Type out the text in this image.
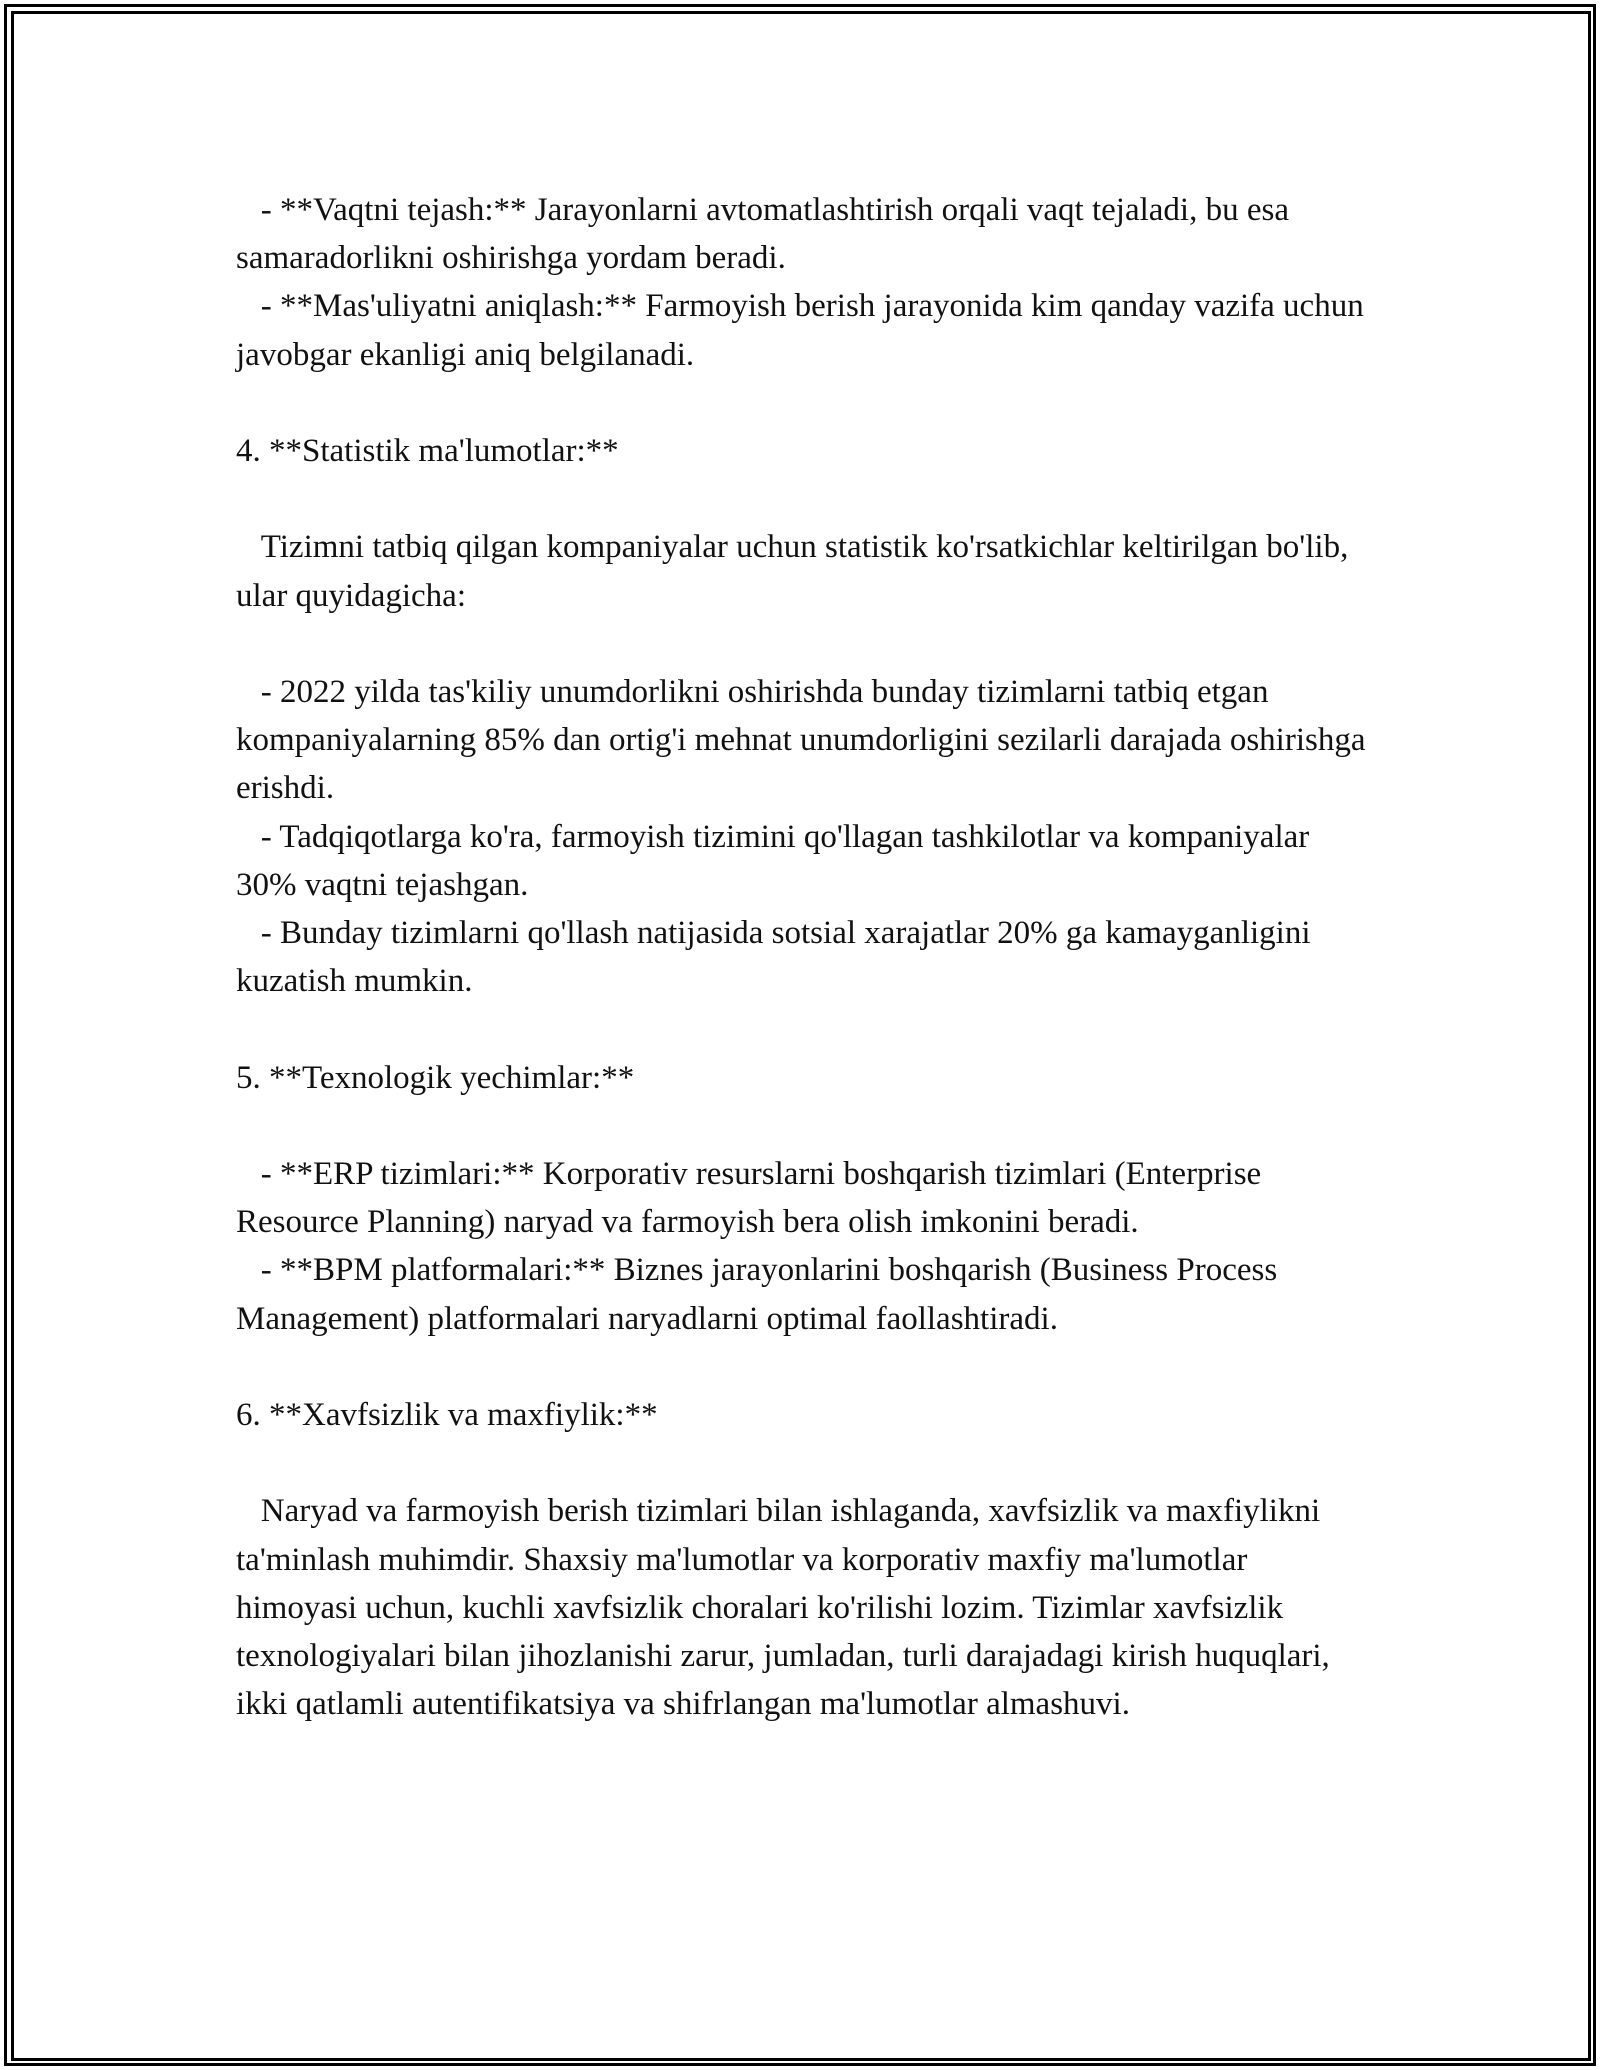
- **Vaqtni tejash:** Jarayonlarni avtomatlashtirish orqali vaqt tejaladi, bu esa samaradorlikni oshirishga yordam beradi.

- **Mas'uliyatni aniqlash:** Farmoyish berish jarayonida kim qanday vazifa uchun javobgar ekanligi aniq belgilanadi.

4. **Statistik ma'lumotlar:**

Tizimni tatbiq qilgan kompaniyalar uchun statistik ko'rsatkichlar keltirilgan bo'lib, ular quyidagicha:

- 2022 yilda tas'kiliy unumdorlikni oshirishda bunday tizimlarni tatbiq etgan kompaniyalarning 85% dan ortig'i mehnat unumdorligini sezilarli darajada oshirishga erishdi.

- Tadqiqotlarga ko'ra, farmoyish tizimini qo'llagan tashkilotlar va kompaniyalar 30% vaqtni tejashgan.

- Bunday tizimlarni qo'llash natijasida sotsial xarajatlar 20% ga kamayganligini kuzatish mumkin.

5. **Texnologik yechimlar:**

- **ERP tizimlari:** Korporativ resurslarni boshqarish tizimlari (Enterprise Resource Planning) naryad va farmoyish bera olish imkonini beradi.

- **BPM platformalari:** Biznes jarayonlarini boshqarish (Business Process Management) platformalari naryadlarni optimal faollashtiradi.

6. **Xavfsizlik va maxfiylik:**

Naryad va farmoyish berish tizimlari bilan ishlaganda, xavfsizlik va maxfiylikni ta'minlash muhimdir. Shaxsiy ma'lumotlar va korporativ maxfiy ma'lumotlar himoyasi uchun, kuchli xavfsizlik choralari ko'rilishi lozim. Tizimlar xavfsizlik texnologiyalari bilan jihozlanishi zarur, jumladan, turli darajadagi kirish huquqlari, ikki qatlamli autentifikatsiya va shifrlangan ma'lumotlar almashuvi.
